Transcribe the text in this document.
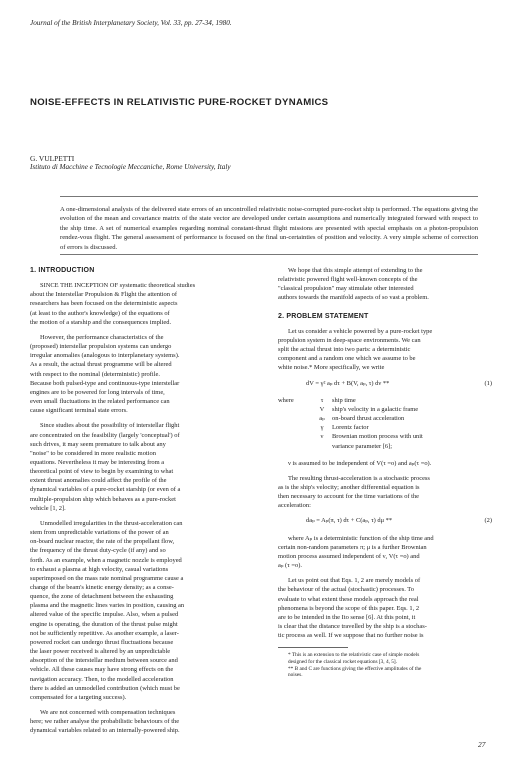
Journal of the British Interplanetary Society, Vol. 33, pp. 27-34, 1980.
NOISE-EFFECTS IN RELATIVISTIC PURE-ROCKET DYNAMICS
G. VULPETTI
Istituto di Macchine e Tecnologie Meccaniche, Rome University, Italy
A one-dimensional analysis of the delivered state errors of an uncontrolled relativistic noise-corrupted pure-rocket ship is performed. The equations giving the evolution of the mean and covariance matrix of the state vector are developed under certain assumptions and numerically integrated forward with respect to the ship time. A set of numerical examples regarding nominal constant-thrust flight missions are presented with special emphasis on a photon-propulsion rendez-vous flight. The general assessment of performance is focused on the final un-certainties of position and velocity. A very simple scheme of correction of errors is discussed.
1. INTRODUCTION
SINCE THE INCEPTION OF systematic theoretical studies
about the Interstellar Propulsion & Flight the attention of
researchers has been focused on the deterministic aspects
(at least to the author's knowledge) of the equations of
the motion of a starship and the consequences implied.
However, the performance characteristics of the
(proposed) interstellar propulsion systems can undergo
irregular anomalies (analogous to interplanetary systems).
As a result, the actual thrust programme will be altered
with respect to the nominal (deterministic) profile.
Because both pulsed-type and continuous-type interstellar
engines are to be powered for long intervals of time,
even small fluctuations in the related performance can
cause significant terminal state errors.
Since studies about the possibility of interstellar flight
are concentrated on the feasibility (largely 'conceptual') of
such drives, it may seem premature to talk about any
"noise" to be considered in more realistic motion
equations. Nevertheless it may be interesting from a
theoretical point of view to begin by examining to what
extent thrust anomalies could affect the profile of the
dynamical variables of a pure-rocket starship (or even of a
multiple-propulsion ship which behaves as a pure-rocket
vehicle [1, 2].
Unmodelled irregularities in the thrust-acceleration can
stem from unpredictable variations of the power of an
on-board nuclear reactor, the rate of the propellant flow,
the frequency of the thrust duty-cycle (if any) and so
forth. As an example, when a magnetic nozzle is employed
to exhaust a plasma at high velocity, casual variations
superimposed on the mass rate nominal programme cause a
change of the beam's kinetic energy density; as a conse-
quence, the zone of detachment between the exhausting
plasma and the magnetic lines varies in position, causing an
altered value of the specific impulse. Also, when a pulsed
engine is operating, the duration of the thrust pulse might
not be sufficiently repetitive. As another example, a laser-
powered rocket can undergo thrust fluctuations because
the laser power received is altered by an unpredictable
absorption of the interstellar medium between source and
vehicle. All these causes may have strong effects on the
navigation accuracy. Then, to the modelled acceleration
there is added an unmodelled contribution (which must be
compensated for a targeting success).
We are not concerned with compensation techniques
here; we rather analyse the probabilistic behaviours of the
dynamical variables related to an internally-powered ship.
We hope that this simple attempt of extending to the
relativistic powered flight well-known concepts of the
"classical propulsion" may stimulate other interested
authors towards the manifold aspects of so vast a problem.
2. PROBLEM STATEMENT
Let us consider a vehicle powered by a pure-rocket type
propulsion system in deep-space environments. We can
split the actual thrust into two parts: a deterministic
component and a random one which we assume to be
white noise.* More specifically, we write
dV = γ² aₚ dτ + B(V, aₚ, τ) dν **	(1)
where	τ	ship time
V	ship's velocity in a galactic frame
aₚ	on-board thrust acceleration
γ	Lorentz factor
ν	Brownian motion process with unit
variance parameter [6];
ν is assumed to be independent of V(τ =o) and aₚ(τ =o).
The resulting thrust-acceleration is a stochastic process
as is the ship's velocity; another differential equation is
then necessary to account for the time variations of the
acceleration:
daₚ = Aₚ(π, τ) dτ + C(aₚ, τ) dμ **	(2)
where Aₚ is a deterministic function of the ship time and
certain non-random parameters π; μ is a further Brownian
motion process assumed independent of ν, V(τ =o) and
aₚ (τ =o).
Let us point out that Eqs. 1, 2 are merely models of
the behaviour of the actual (stochastic) processes. To
evaluate to what extent these models approach the real
phenomena is beyond the scope of this paper. Eqs. 1, 2
are to be intended in the Ito sense [6]. At this point, it
is clear that the distance travelled by the ship is a stochas-
tic process as well. If we suppose that no further noise is
* This is an extension to the relativistic case of simple models
designed for the classical rocket equations [3, 4, 5].
** B and C are functions giving the effective amplitudes of the
noises.
27
